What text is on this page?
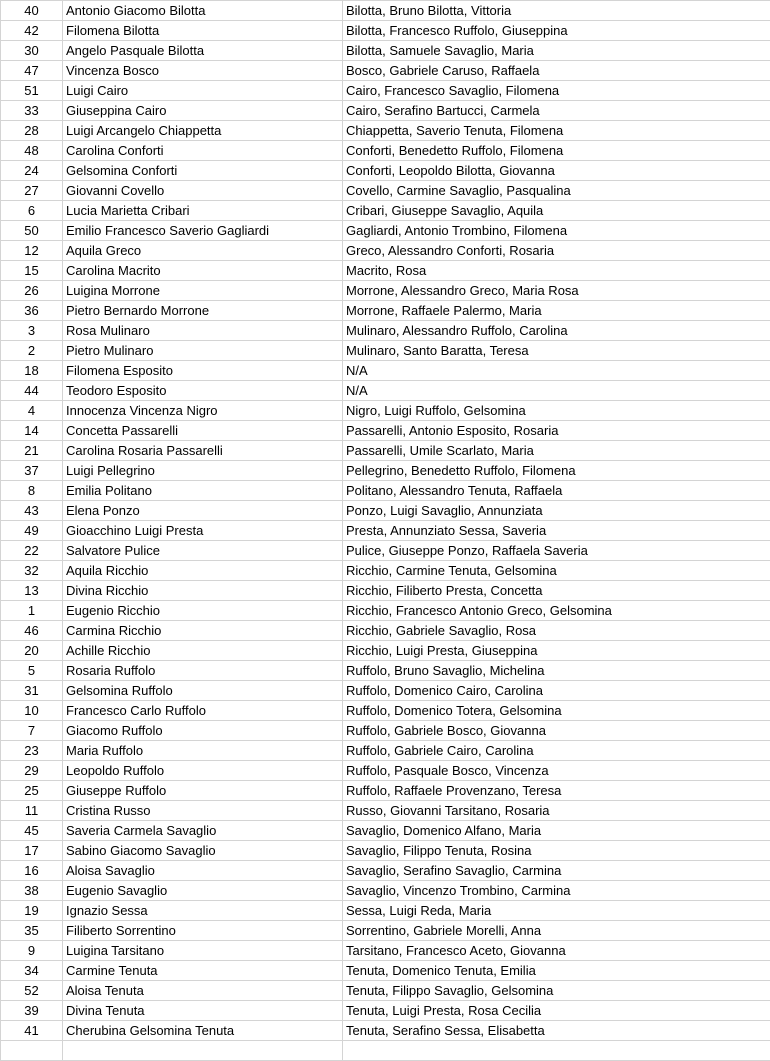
40	Antonio Giacomo Bilotta	Bilotta, Bruno Bilotta, Vittoria
42	Filomena Bilotta	Bilotta, Francesco Ruffolo, Giuseppina
30	Angelo Pasquale Bilotta	Bilotta, Samuele Savaglio, Maria
47	Vincenza Bosco	Bosco, Gabriele Caruso, Raffaela
51	Luigi Cairo	Cairo, Francesco Savaglio, Filomena
33	Giuseppina Cairo	Cairo, Serafino Bartucci, Carmela
28	Luigi Arcangelo Chiappetta	Chiappetta, Saverio Tenuta, Filomena
48	Carolina Conforti	Conforti, Benedetto Ruffolo, Filomena
24	Gelsomina Conforti	Conforti, Leopoldo Bilotta, Giovanna
27	Giovanni Covello	Covello, Carmine Savaglio, Pasqualina
6	Lucia Marietta Cribari	Cribari, Giuseppe Savaglio, Aquila
50	Emilio Francesco Saverio Gagliardi	Gagliardi, Antonio Trombino, Filomena
12	Aquila Greco	Greco, Alessandro Conforti, Rosaria
15	Carolina Macrito	Macrito, Rosa
26	Luigina Morrone	Morrone, Alessandro Greco, Maria Rosa
36	Pietro Bernardo Morrone	Morrone, Raffaele Palermo, Maria
3	Rosa Mulinaro	Mulinaro, Alessandro Ruffolo, Carolina
2	Pietro Mulinaro	Mulinaro, Santo Baratta, Teresa
18	Filomena Esposito	N/A
44	Teodoro Esposito	N/A
4	Innocenza Vincenza Nigro	Nigro, Luigi Ruffolo, Gelsomina
14	Concetta Passarelli	Passarelli, Antonio Esposito, Rosaria
21	Carolina Rosaria Passarelli	Passarelli, Umile Scarlato, Maria
37	Luigi Pellegrino	Pellegrino, Benedetto Ruffolo, Filomena
8	Emilia Politano	Politano, Alessandro Tenuta, Raffaela
43	Elena Ponzo	Ponzo, Luigi Savaglio, Annunziata
49	Gioacchino Luigi Presta	Presta, Annunziato Sessa, Saveria
22	Salvatore Pulice	Pulice, Giuseppe Ponzo, Raffaela Saveria
32	Aquila Ricchio	Ricchio, Carmine Tenuta, Gelsomina
13	Divina Ricchio	Ricchio, Filiberto Presta, Concetta
1	Eugenio Ricchio	Ricchio, Francesco Antonio Greco, Gelsomina
46	Carmina Ricchio	Ricchio, Gabriele Savaglio, Rosa
20	Achille Ricchio	Ricchio, Luigi Presta, Giuseppina
5	Rosaria Ruffolo	Ruffolo, Bruno Savaglio, Michelina
31	Gelsomina Ruffolo	Ruffolo, Domenico Cairo, Carolina
10	Francesco Carlo Ruffolo	Ruffolo, Domenico Totera, Gelsomina
7	Giacomo Ruffolo	Ruffolo, Gabriele Bosco, Giovanna
23	Maria Ruffolo	Ruffolo, Gabriele Cairo, Carolina
29	Leopoldo Ruffolo	Ruffolo, Pasquale Bosco, Vincenza
25	Giuseppe Ruffolo	Ruffolo, Raffaele Provenzano, Teresa
11	Cristina Russo	Russo, Giovanni Tarsitano, Rosaria
45	Saveria Carmela Savaglio	Savaglio, Domenico Alfano, Maria
17	Sabino Giacomo Savaglio	Savaglio, Filippo Tenuta, Rosina
16	Aloisa Savaglio	Savaglio, Serafino Savaglio, Carmina
38	Eugenio Savaglio	Savaglio, Vincenzo Trombino, Carmina
19	Ignazio Sessa	Sessa, Luigi Reda, Maria
35	Filiberto Sorrentino	Sorrentino, Gabriele Morelli, Anna
9	Luigina Tarsitano	Tarsitano, Francesco Aceto, Giovanna
34	Carmine Tenuta	Tenuta, Domenico Tenuta, Emilia
52	Aloisa Tenuta	Tenuta, Filippo Savaglio, Gelsomina
39	Divina Tenuta	Tenuta, Luigi Presta, Rosa Cecilia
41	Cherubina Gelsomina Tenuta	Tenuta, Serafino Sessa, Elisabetta
